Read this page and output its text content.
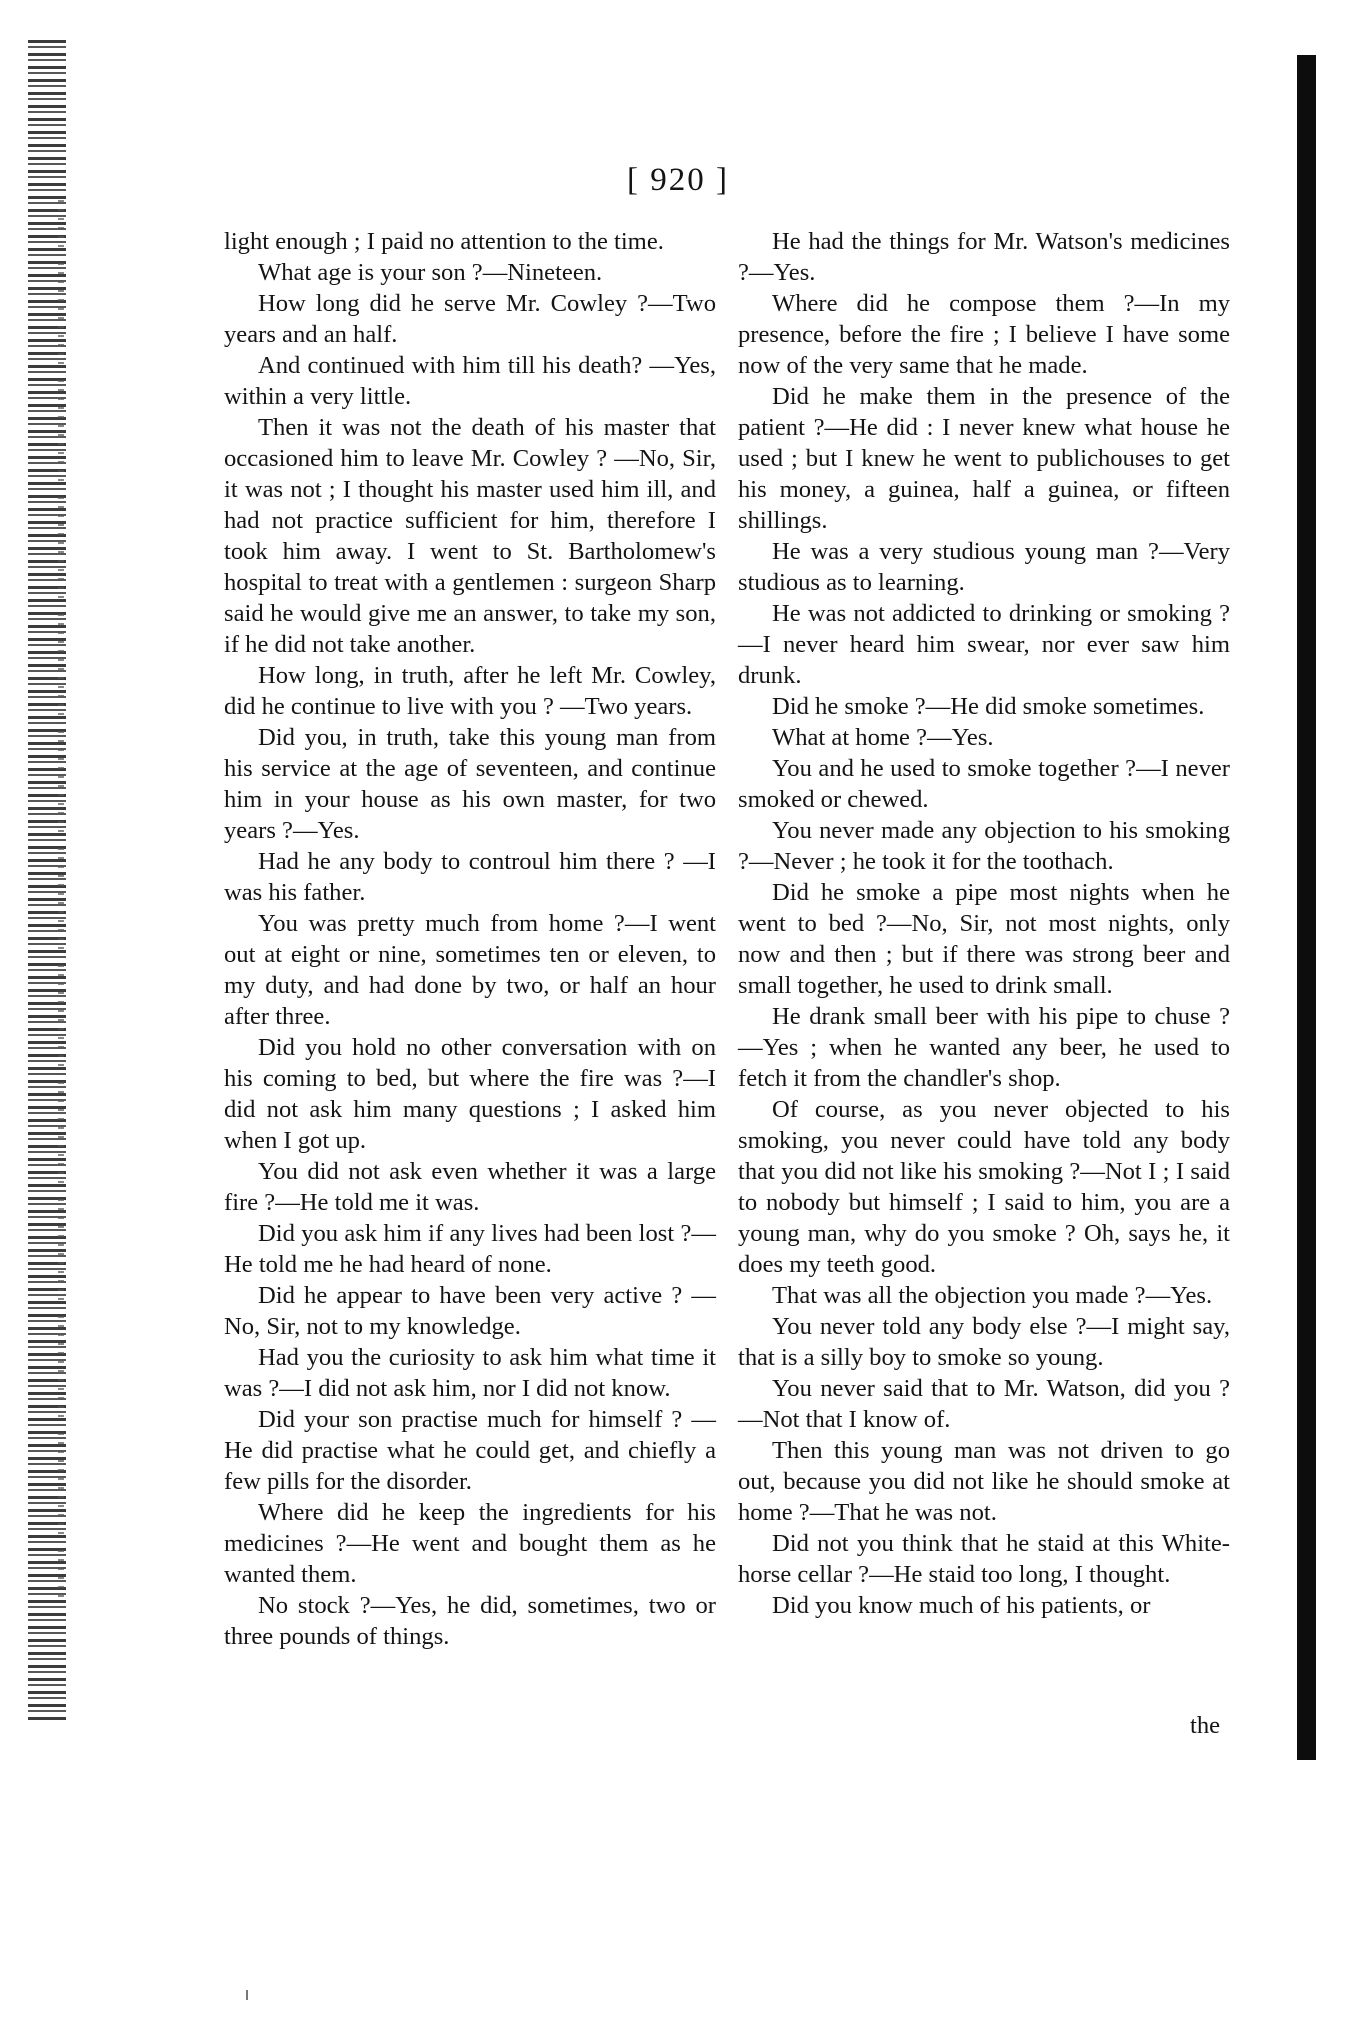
[ 920 ]

light enough ; I paid no attention to the time.

What age is your son ?—Nineteen.

How long did he serve Mr. Cowley ?—Two years and an half.

And continued with him till his death? —Yes, within a very little.

Then it was not the death of his master that occasioned him to leave Mr. Cowley ? —No, Sir, it was not ; I thought his master used him ill, and had not practice sufficient for him, therefore I took him away. I went to St. Bartholomew's hospital to treat with a gentlemen : surgeon Sharp said he would give me an answer, to take my son, if he did not take another.

How long, in truth, after he left Mr. Cowley, did he continue to live with you ? —Two years.

Did you, in truth, take this young man from his service at the age of seventeen, and continue him in your house as his own master, for two years ?—Yes.

Had he any body to controul him there ? —I was his father.

You was pretty much from home ?—I went out at eight or nine, sometimes ten or eleven, to my duty, and had done by two, or half an hour after three.

Did you hold no other conversation with on his coming to bed, but where the fire was ?—I did not ask him many questions ; I asked him when I got up.

You did not ask even whether it was a large fire ?—He told me it was.

Did you ask him if any lives had been lost ?—He told me he had heard of none.

Did he appear to have been very active ? —No, Sir, not to my knowledge.

Had you the curiosity to ask him what time it was ?—I did not ask him, nor I did not know.

Did your son practise much for himself ? —He did practise what he could get, and chiefly a few pills for the disorder.

Where did he keep the ingredients for his medicines ?—He went and bought them as he wanted them.

No stock ?—Yes, he did, sometimes, two or three pounds of things.

He had the things for Mr. Watson's medicines ?—Yes.

Where did he compose them ?—In my presence, before the fire ; I believe I have some now of the very same that he made.

Did he make them in the presence of the patient ?—He did : I never knew what house he used ; but I knew he went to publichouses to get his money, a guinea, half a guinea, or fifteen shillings.

He was a very studious young man ?—Very studious as to learning.

He was not addicted to drinking or smoking ?—I never heard him swear, nor ever saw him drunk.

Did he smoke ?—He did smoke sometimes.

What at home ?—Yes.

You and he used to smoke together ?—I never smoked or chewed.

You never made any objection to his smoking ?—Never ; he took it for the toothach.

Did he smoke a pipe most nights when he went to bed ?—No, Sir, not most nights, only now and then ; but if there was strong beer and small together, he used to drink small.

He drank small beer with his pipe to chuse ?—Yes ; when he wanted any beer, he used to fetch it from the chandler's shop.

Of course, as you never objected to his smoking, you never could have told any body that you did not like his smoking ?—Not I ; I said to nobody but himself ; I said to him, you are a young man, why do you smoke ? Oh, says he, it does my teeth good.

That was all the objection you made ?—Yes.

You never told any body else ?—I might say, that is a silly boy to smoke so young.

You never said that to Mr. Watson, did you ?—Not that I know of.

Then this young man was not driven to go out, because you did not like he should smoke at home ?—That he was not.

Did not you think that he staid at this White-horse cellar ?—He staid too long, I thought.

Did you know much of his patients, or

the
